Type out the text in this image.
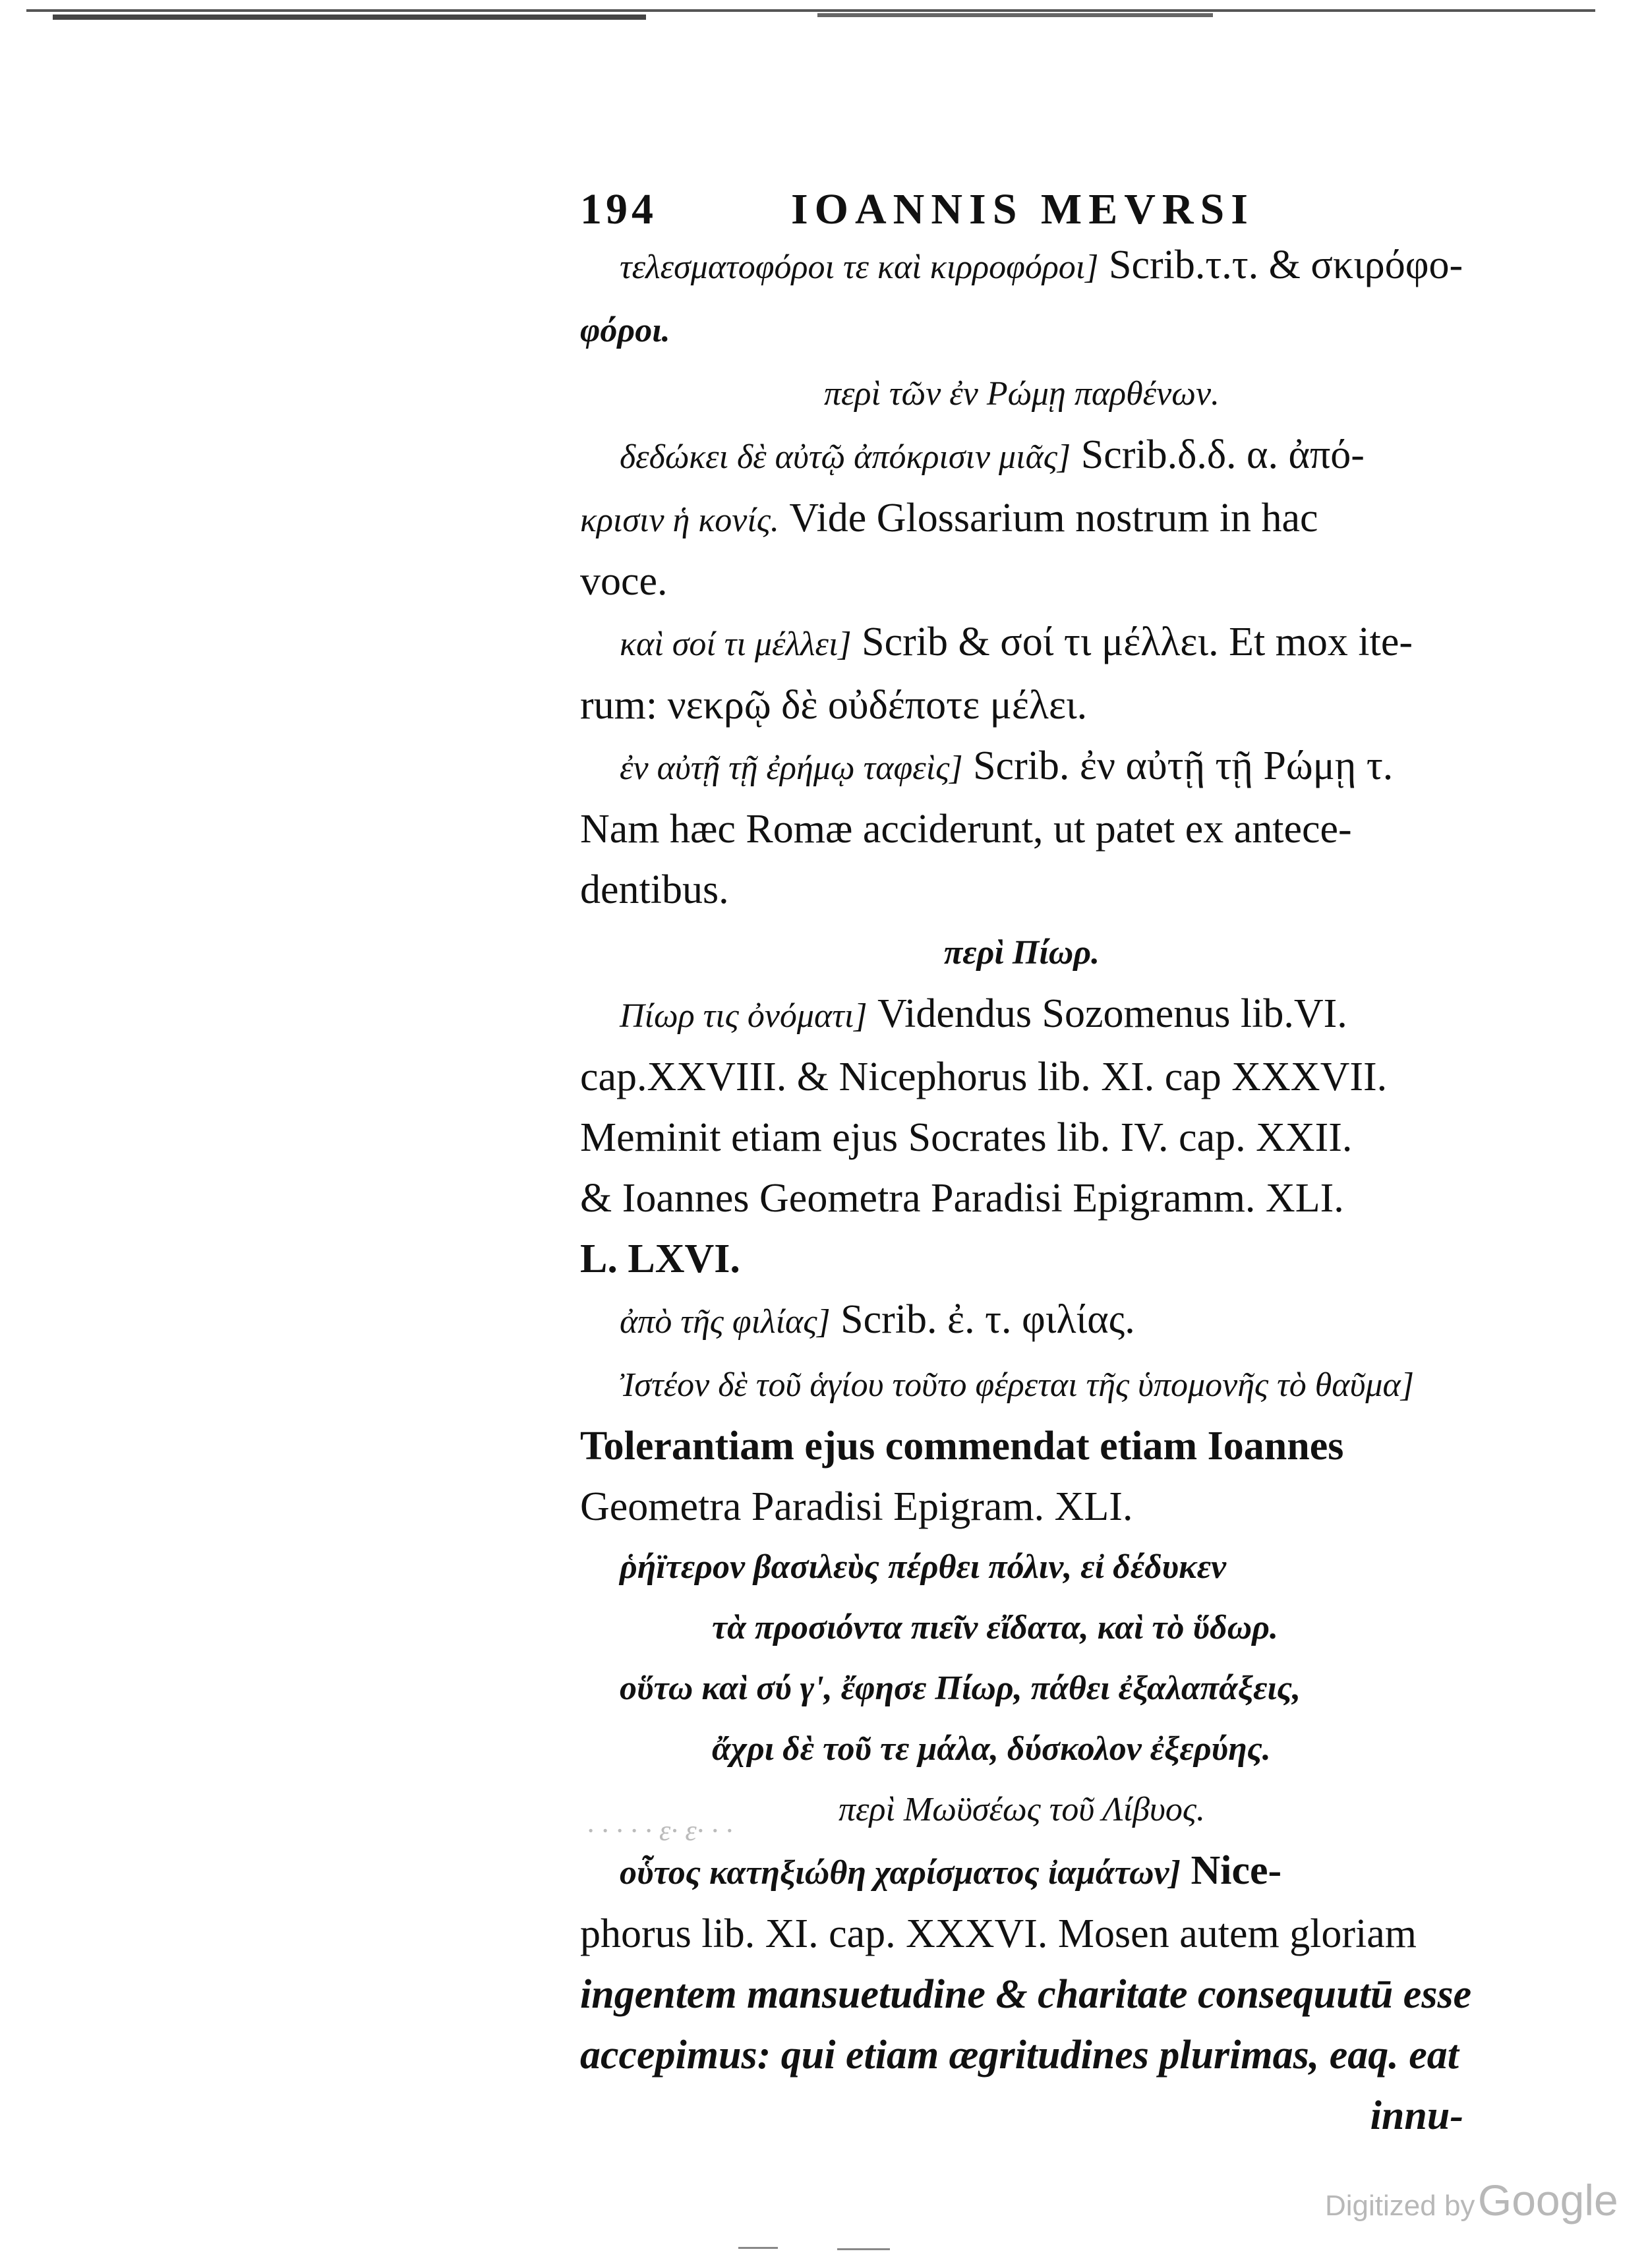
194	IOANNIS MEVRSI
τελεσματοφόροι τε καὶ κιρροφόροι] Scrib.τ.τ. & σκιρόφο-
φόροι.
περὶ τῶν ἐν Ρώμῃ παρθένων.
δεδώκει δὲ αὐτῷ ἀπόκρισιν μιᾶς] Scrib.δ.δ. α. ἀπό-
κρισιν ἡ κονίς. Vide Glossarium nostrum in hac
voce.
καὶ σοί τι μέλλει] Scrib & σοί τι μέλλει. Et mox ite-
rum: νεκρῷ δὲ οὐδέποτε μέλει.
ἐν αὐτῇ τῇ ἐρήμῳ ταφεὶς] Scrib. ἐν αὐτῇ τῇ Ρώμῃ τ.
Nam hæc Romæ acciderunt, ut patet ex antece-
dentibus.
περὶ Πίωρ.
Πίωρ τις ὀνόματι] Videndus Sozomenus lib.VI.
cap.XXVIII. & Nicephorus lib. XI. cap XXXVII.
Meminit etiam ejus Socrates lib. IV. cap. XXII.
& Ioannes Geometra Paradisi Epigramm. XLI.
L. LXVI.
ἀπὸ τῆς φιλίας] Scrib. ἐ. τ. φιλίας.
Ἰστέον δὲ τοῦ ἁγίου τοῦτο φέρεται τῆς ὑπομονῆς τὸ θαῦμα]
Tolerantiam ejus commendat etiam Ioannes
Geometra Paradisi Epigram. XLI.
ῥήϊτερον βασιλεὺς πέρθει πόλιν, εἰ δέδυκεν
τὰ προσιόντα πιεῖν εἴδατα, καὶ τὸ ὕδωρ.
οὕτω καὶ σύ γ', ἔφησε Πίωρ, πάθει ἐξαλαπάξεις,
ἄχρι δὲ τοῦ τε μάλα, δύσκολον ἐξερύης.
περὶ Μωϋσέως τοῦ Λίβυος.
οὗτος κατηξιώθη χαρίσματος ἰαμάτων] Nice-
phorus lib. XI. cap. XXXVI. Mosen autem gloriam
ingentem mansuetudine & charitate consequutū esse
accepimus: qui etiam ægritudines plurimas, eaq. eat
innu-
· · · · · ε· ε· · ·
Digitized by Google
